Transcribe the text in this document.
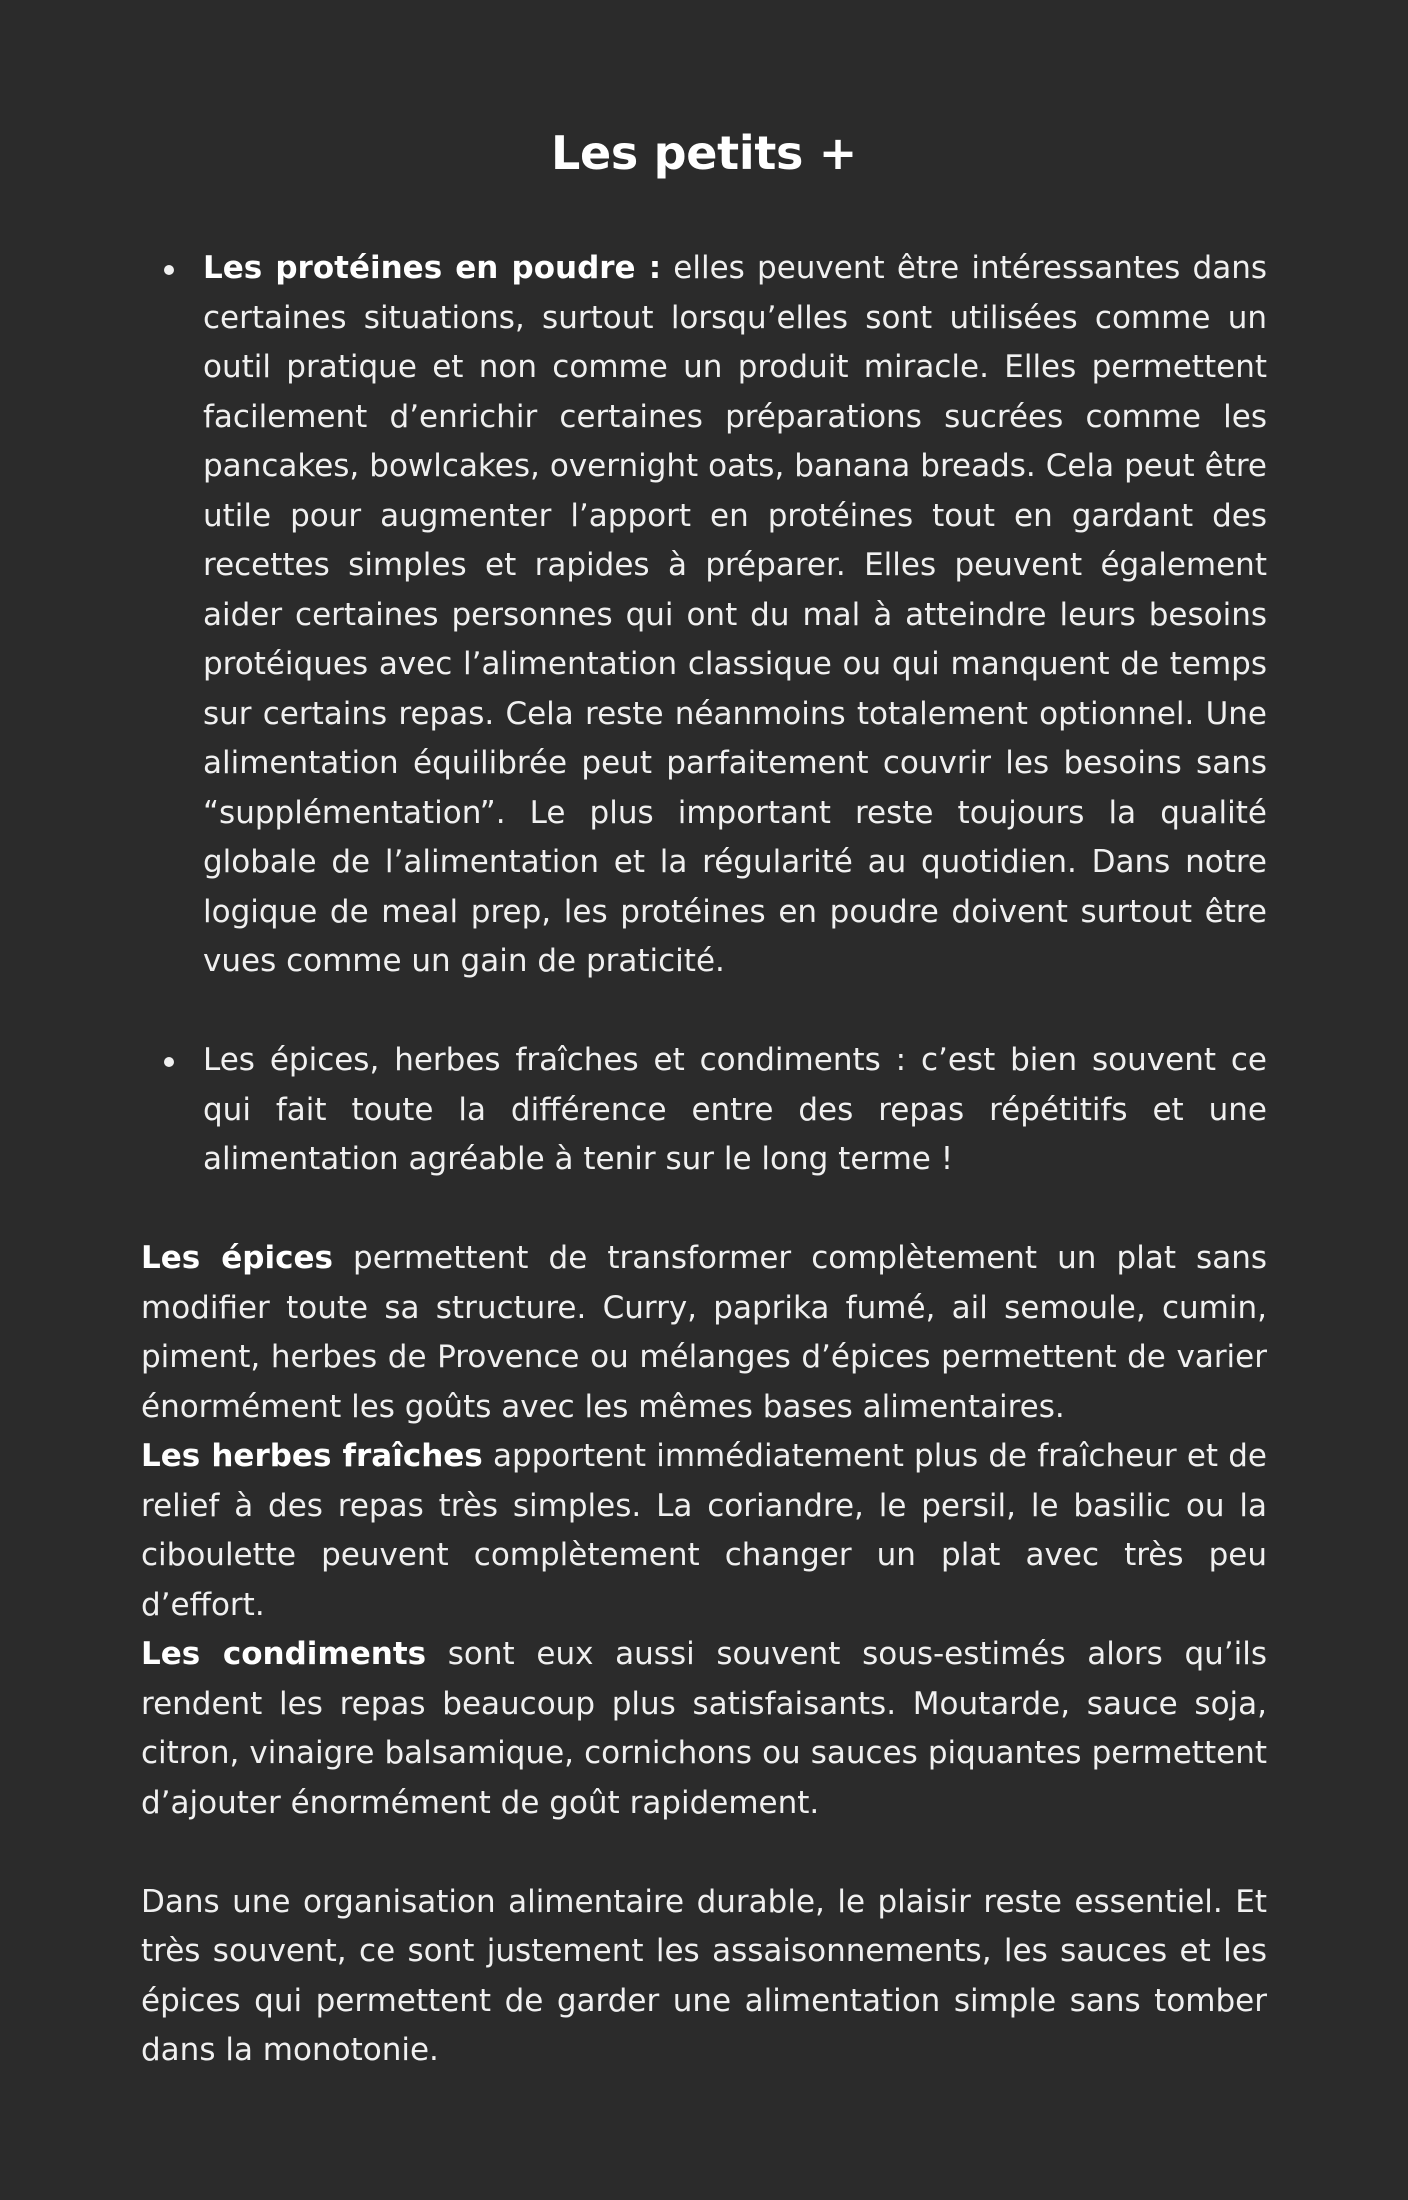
Les petits +
Les protéines en poudre : elles peuvent être intéressantes dans certaines situations, surtout lorsqu’elles sont utilisées comme un outil pratique et non comme un produit miracle. Elles permettent facilement d’enrichir certaines préparations sucrées comme les pancakes, bowlcakes, overnight oats, banana breads. Cela peut être utile pour augmenter l’apport en protéines tout en gardant des recettes simples et rapides à préparer. Elles peuvent également aider certaines personnes qui ont du mal à atteindre leurs besoins protéiques avec l’alimentation classique ou qui manquent de temps sur certains repas. Cela reste néanmoins totalement optionnel. Une alimentation équilibrée peut parfaitement couvrir les besoins sans “supplémentation”. Le plus important reste toujours la qualité globale de l’alimentation et la régularité au quotidien. Dans notre logique de meal prep, les protéines en poudre doivent surtout être vues comme un gain de praticité.
Les épices, herbes fraîches et condiments : c’est bien souvent ce qui fait toute la différence entre des repas répétitifs et une alimentation agréable à tenir sur le long terme !

Les épices permettent de transformer complètement un plat sans modifier toute sa structure. Curry, paprika fumé, ail semoule, cumin, piment, herbes de Provence ou mélanges d’épices permettent de varier énormément les goûts avec les mêmes bases alimentaires.

Les herbes fraîches apportent immédiatement plus de fraîcheur et de relief à des repas très simples. La coriandre, le persil, le basilic ou la ciboulette peuvent complètement changer un plat avec très peu d’effort.

Les condiments sont eux aussi souvent sous-estimés alors qu’ils rendent les repas beaucoup plus satisfaisants. Moutarde, sauce soja, citron, vinaigre balsamique, cornichons ou sauces piquantes permettent d’ajouter énormément de goût rapidement.

Dans une organisation alimentaire durable, le plaisir reste essentiel. Et très souvent, ce sont justement les assaisonnements, les sauces et les épices qui permettent de garder une alimentation simple sans tomber dans la monotonie.
